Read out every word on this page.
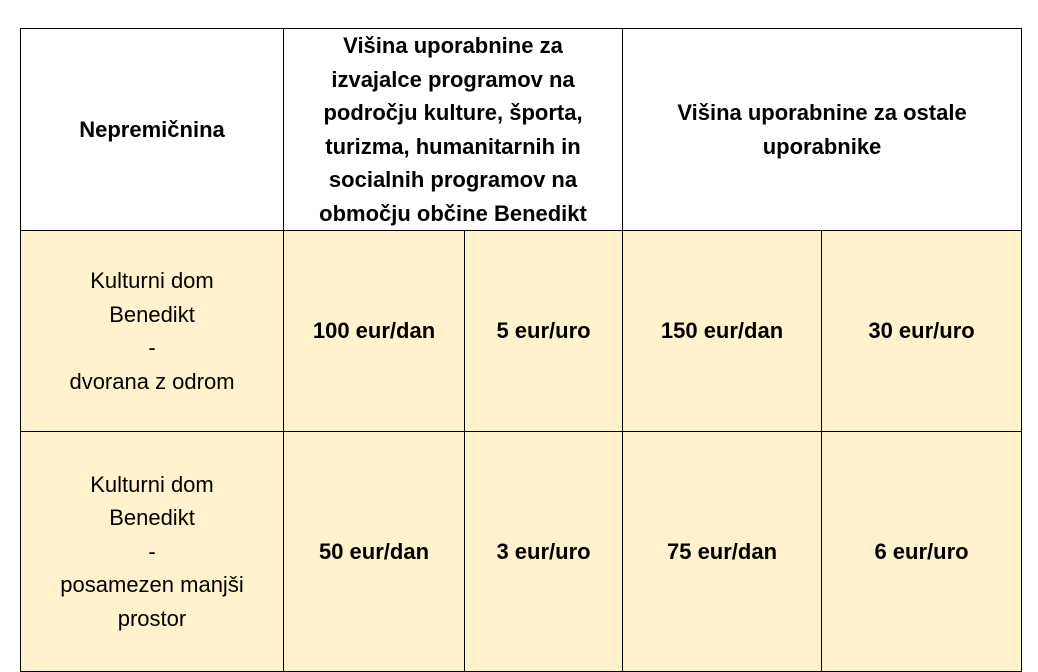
Nepremičnina	Višina uporabnine za izvajalce programov na področju kulture, športa, turizma, humanitarnih in socialnih programov na območju občine Benedikt		Višina uporabnine za ostale uporabnike	

Kulturni dom
Benedikt
-
dvorana z odrom	100 eur/dan	5 eur/uro	150 eur/dan	30 eur/uro

Kulturni dom
Benedikt
-
posamezen manjši
prostor	50 eur/dan	3 eur/uro	75 eur/dan	6 eur/uro
